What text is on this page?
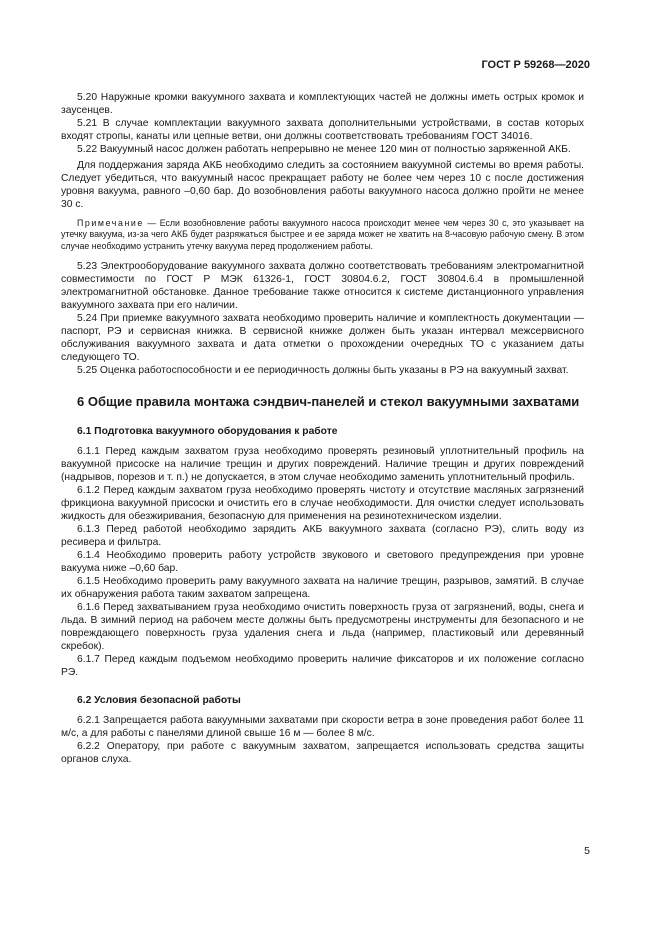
ГОСТ Р 59268—2020

5.20 Наружные кромки вакуумного захвата и комплектующих частей не должны иметь острых кромок и заусенцев.

5.21 В случае комплектации вакуумного захвата дополнительными устройствами, в состав которых входят стропы, канаты или цепные ветви, они должны соответствовать требованиям ГОСТ 34016.

5.22 Вакуумный насос должен работать непрерывно не менее 120 мин от полностью заряженной АКБ.

Для поддержания заряда АКБ необходимо следить за состоянием вакуумной системы во время работы. Следует убедиться, что вакуумный насос прекращает работу не более чем через 10 с после достижения уровня вакуума, равного –0,60 бар. До возобновления работы вакуумного насоса должно пройти не менее 30 с.

Примечание — Если возобновление работы вакуумного насоса происходит менее чем через 30 с, это указывает на утечку вакуума, из-за чего АКБ будет разряжаться быстрее и ее заряда может не хватить на 8-часовую рабочую смену. В этом случае необходимо устранить утечку вакуума перед продолжением работы.

5.23 Электрооборудование вакуумного захвата должно соответствовать требованиям электромагнитной совместимости по ГОСТ Р МЭК 61326-1, ГОСТ 30804.6.2, ГОСТ 30804.6.4 в промышленной электромагнитной обстановке. Данное требование также относится к системе дистанционного управления вакуумного захвата при его наличии.

5.24 При приемке вакуумного захвата необходимо проверить наличие и комплектность документации — паспорт, РЭ и сервисная книжка. В сервисной книжке должен быть указан интервал межсервисного обслуживания вакуумного захвата и дата отметки о прохождении очередных ТО с указанием даты следующего ТО.

5.25 Оценка работоспособности и ее периодичность должны быть указаны в РЭ на вакуумный захват.

6 Общие правила монтажа сэндвич-панелей и стекол вакуумными захватами
6.1 Подготовка вакуумного оборудования к работе

6.1.1 Перед каждым захватом груза необходимо проверять резиновый уплотнительный профиль на вакуумной присоске на наличие трещин и других повреждений. Наличие трещин и других повреждений (надрывов, порезов и т. п.) не допускается, в этом случае необходимо заменить уплотнительный профиль.

6.1.2 Перед каждым захватом груза необходимо проверять чистоту и отсутствие масляных загрязнений фрикциона вакуумной присоски и очистить его в случае необходимости. Для очистки следует использовать жидкость для обезжиривания, безопасную для применения на резинотехническом изделии.

6.1.3 Перед работой необходимо зарядить АКБ вакуумного захвата (согласно РЭ), слить воду из ресивера и фильтра.

6.1.4 Необходимо проверить работу устройств звукового и светового предупреждения при уровне вакуума ниже –0,60 бар.

6.1.5 Необходимо проверить раму вакуумного захвата на наличие трещин, разрывов, замятий. В случае их обнаружения работа таким захватом запрещена.

6.1.6 Перед захватыванием груза необходимо очистить поверхность груза от загрязнений, воды, снега и льда. В зимний период на рабочем месте должны быть предусмотрены инструменты для безопасного и не повреждающего поверхность груза удаления снега и льда (например, пластиковый или деревянный скребок).

6.1.7 Перед каждым подъемом необходимо проверить наличие фиксаторов и их положение согласно РЭ.

6.2 Условия безопасной работы

6.2.1 Запрещается работа вакуумными захватами при скорости ветра в зоне проведения работ более 11 м/с, а для работы с панелями длиной свыше 16 м — более 8 м/с.

6.2.2 Оператору, при работе с вакуумным захватом, запрещается использовать средства защиты органов слуха.

5
